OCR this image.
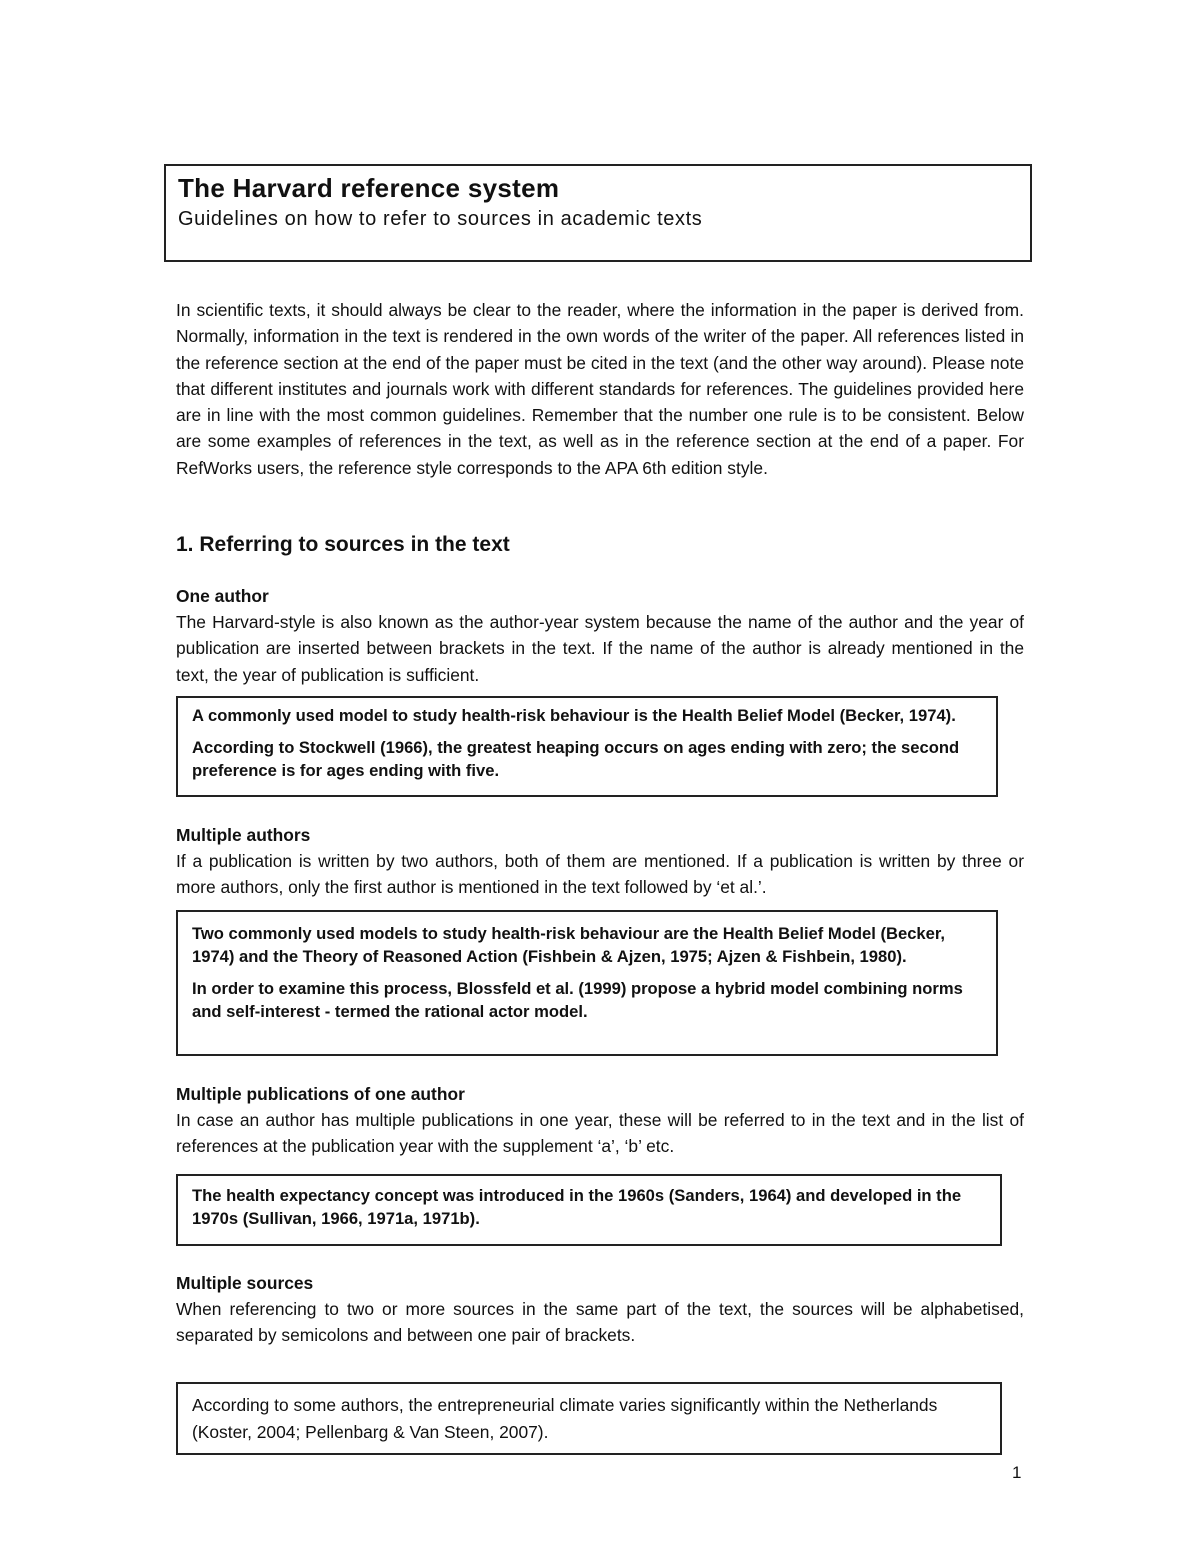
The Harvard reference system

Guidelines on how to refer to sources in academic texts

In scientific texts, it should always be clear to the reader, where the information in the paper is derived from. Normally, information in the text is rendered in the own words of the writer of the paper. All references listed in the reference section at the end of the paper must be cited in the text (and the other way around). Please note that different institutes and journals work with different standards for references. The guidelines provided here are in line with the most common guidelines. Remember that the number one rule is to be consistent. Below are some examples of references in the text, as well as in the reference section at the end of a paper. For RefWorks users, the reference style corresponds to the APA 6th edition style.

1. Referring to sources in the text
One author

The Harvard-style is also known as the author-year system because the name of the author and the year of publication are inserted between brackets in the text. If the name of the author is already mentioned in the text, the year of publication is sufficient.

A commonly used model to study health-risk behaviour is the Health Belief Model (Becker, 1974).

According to Stockwell (1966), the greatest heaping occurs on ages ending with zero; the second preference is for ages ending with five.

Multiple authors

If a publication is written by two authors, both of them are mentioned. If a publication is written by three or more authors, only the first author is mentioned in the text followed by ‘et al.’.

Two commonly used models to study health-risk behaviour are the Health Belief Model (Becker, 1974) and the Theory of Reasoned Action (Fishbein & Ajzen, 1975; Ajzen & Fishbein, 1980).

In order to examine this process, Blossfeld et al. (1999) propose a hybrid model combining norms and self-interest - termed the rational actor model.

Multiple publications of one author

In case an author has multiple publications in one year, these will be referred to in the text and in the list of references at the publication year with the supplement ‘a’, ‘b’ etc.

The health expectancy concept was introduced in the 1960s (Sanders, 1964) and developed in the 1970s (Sullivan, 1966, 1971a, 1971b).

Multiple sources

When referencing to two or more sources in the same part of the text, the sources will be alphabetised, separated by semicolons and between one pair of brackets.

According to some authors, the entrepreneurial climate varies significantly within the Netherlands (Koster, 2004; Pellenbarg & Van Steen, 2007).

1
